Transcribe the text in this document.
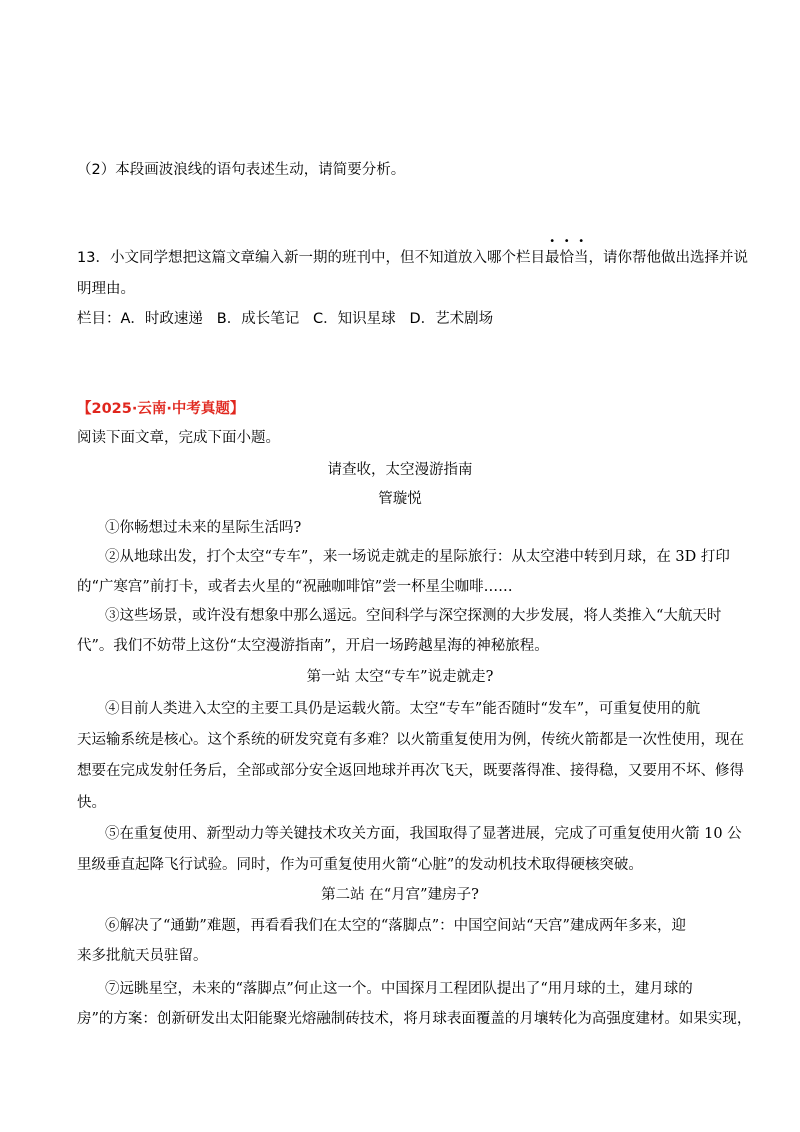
（2）本段画波浪线的语句表述生动，请简要分析。
13．小文同学想把这篇文章编入新一期的班刊中，但不知道放入哪个栏目最恰当，请你帮他做出选择并说
明理由。
栏目：A．时政速递   B．成长笔记   C．知识星球   D．艺术剧场
【2025·云南·中考真题】
阅读下面文章，完成下面小题。
请查收，太空漫游指南
管璇悦
①你畅想过未来的星际生活吗?
②从地球出发，打个太空“专车”，来一场说走就走的星际旅行：从太空港中转到月球，在 3D 打印
的“广寒宫”前打卡，或者去火星的“祝融咖啡馆”尝一杯星尘咖啡……
③这些场景，或许没有想象中那么遥远。空间科学与深空探测的大步发展，将人类推入“大航天时
代”。我们不妨带上这份“太空漫游指南”，开启一场跨越星海的神秘旅程。
第一站 太空“专车”说走就走?
④目前人类进入太空的主要工具仍是运载火箭。太空“专车”能否随时“发车”，可重复使用的航
天运输系统是核心。这个系统的研发究竟有多难？以火箭重复使用为例，传统火箭都是一次性使用，现在
想要在完成发射任务后，全部或部分安全返回地球并再次飞天，既要落得准、接得稳，又要用不坏、修得
快。
⑤在重复使用、新型动力等关键技术攻关方面，我国取得了显著进展，完成了可重复使用火箭 10 公
里级垂直起降飞行试验。同时，作为可重复使用火箭“心脏”的发动机技术取得硬核突破。
第二站 在“月宫”建房子?
⑥解决了“通勤”难题，再看看我们在太空的“落脚点”：中国空间站“天宫”建成两年多来，迎
来多批航天员驻留。
⑦远眺星空，未来的“落脚点”何止这一个。中国探月工程团队提出了“用月球的土，建月球的
房”的方案：创新研发出太阳能聚光熔融制砖技术，将月球表面覆盖的月壤转化为高强度建材。如果实现，
